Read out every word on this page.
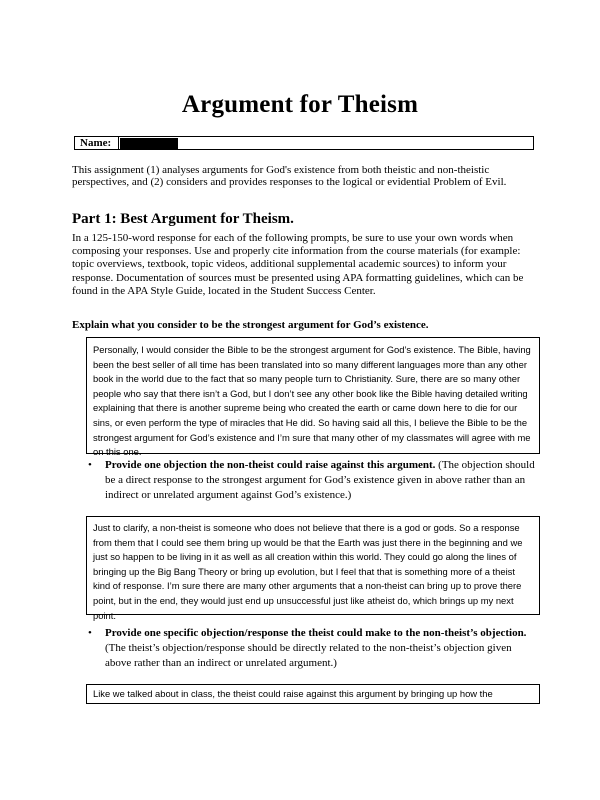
Argument for Theism
Name:
This assignment (1) analyses arguments for God's existence from both theistic and non-theistic perspectives, and (2) considers and provides responses to the logical or evidential Problem of Evil.
Part 1: Best Argument for Theism.
In a 125-150-word response for each of the following prompts, be sure to use your own words when composing your responses. Use and properly cite information from the course materials (for example: topic overviews, textbook, topic videos, additional supplemental academic sources) to inform your response. Documentation of sources must be presented using APA formatting guidelines, which can be found in the APA Style Guide, located in the Student Success Center.
Explain what you consider to be the strongest argument for God’s existence.
Personally, I would consider the Bible to be the strongest argument for God’s existence. The Bible, having been the best seller of all time has been translated into so many different languages more than any other book in the world due to the fact that so many people turn to Christianity. Sure, there are so many other people who say that there isn’t a God, but I don’t see any other book like the Bible having detailed writing explaining that there is another supreme being who created the earth or came down here to die for our sins, or even perform the type of miracles that He did. So having said all this, I believe the Bible to be the strongest argument for God’s existence and I’m sure that many other of my classmates will agree with me on this one.
• Provide one objection the non-theist could raise against this argument. (The objection should be a direct response to the strongest argument for God’s existence given in above rather than an indirect or unrelated argument against God’s existence.)
Just to clarify, a non-theist is someone who does not believe that there is a god or gods. So a response from them that I could see them bring up would be that the Earth was just there in the beginning and we just so happen to be living in it as well as all creation within this world. They could go along the lines of bringing up the Big Bang Theory or bring up evolution, but I feel that that is something more of a theist kind of response. I’m sure there are many other arguments that a non-theist can bring up to prove there point, but in the end, they would just end up unsuccessful just like atheist do, which brings up my next point.
• Provide one specific objection/response the theist could make to the non-theist’s objection. (The theist’s objection/response should be directly related to the non-theist’s objection given above rather than an indirect or unrelated argument.)
Like we talked about in class, the theist could raise against this argument by bringing up how the
